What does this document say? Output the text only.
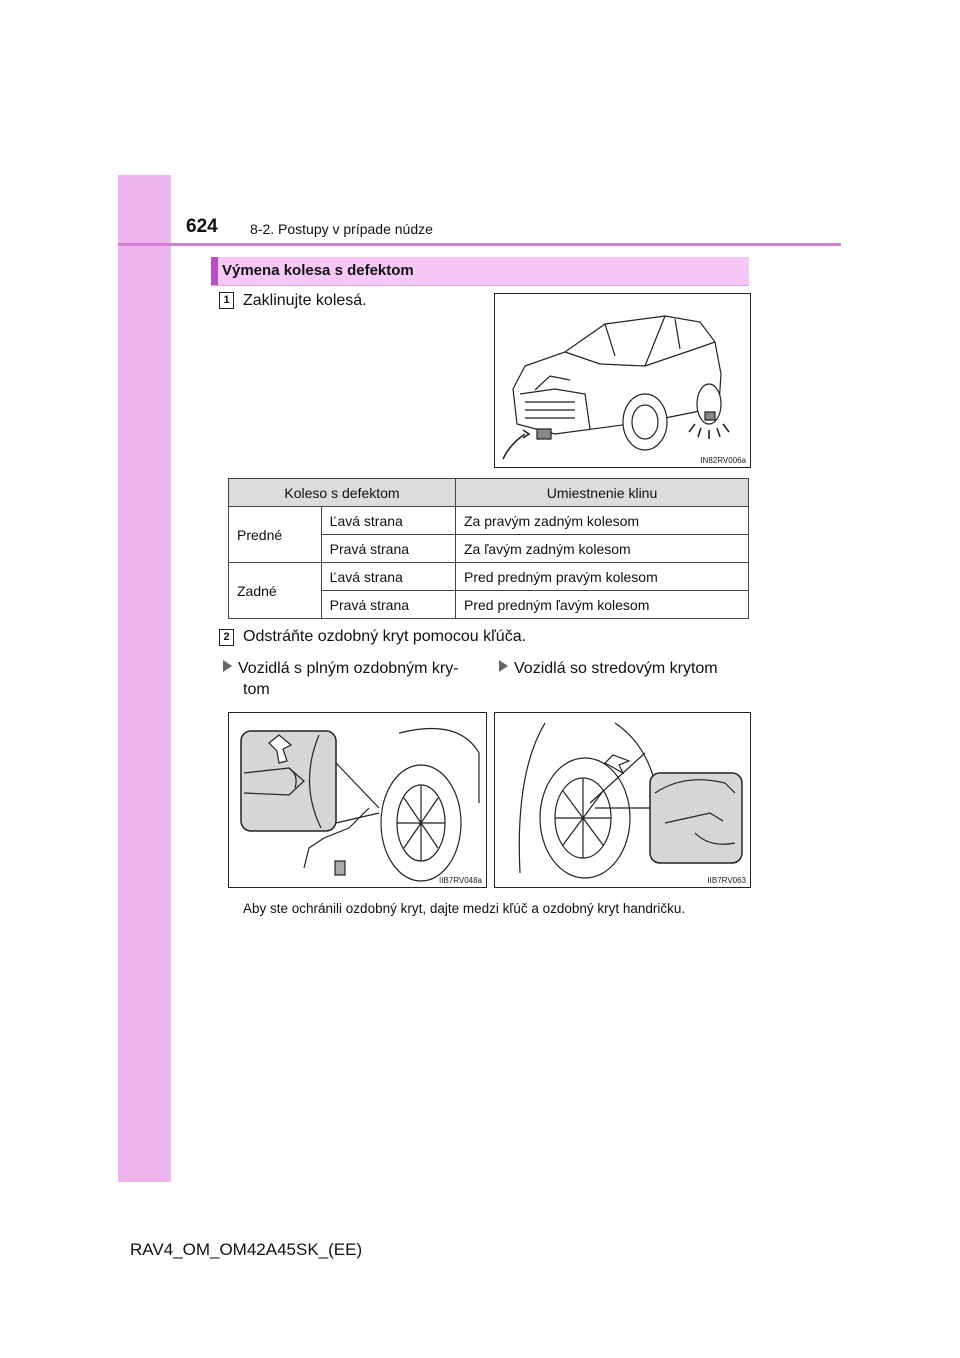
624 8-2. Postupy v prípade núdze
Výmena kolesa s defektom
1 Zaklinujte kolesá.
IN82RV006a
Koleso s defektom		Umiestnenie klinu
Predné	Ľavá strana	Za pravým zadným kolesom
	Pravá strana	Za ľavým zadným kolesom
Zadné	Ľavá strana	Pred predným pravým kolesom
	Pravá strana	Pred predným ľavým kolesom
2 Odstráňte ozdobný kryt pomocou kľúča.
Vozidlá s plným ozdobným kry-
tom
Vozidlá so stredovým krytom
IIB7RV048a	IIB7RV063
Aby ste ochránili ozdobný kryt, dajte medzi kľúč a ozdobný kryt handričku.
RAV4_OM_OM42A45SK_(EE)
